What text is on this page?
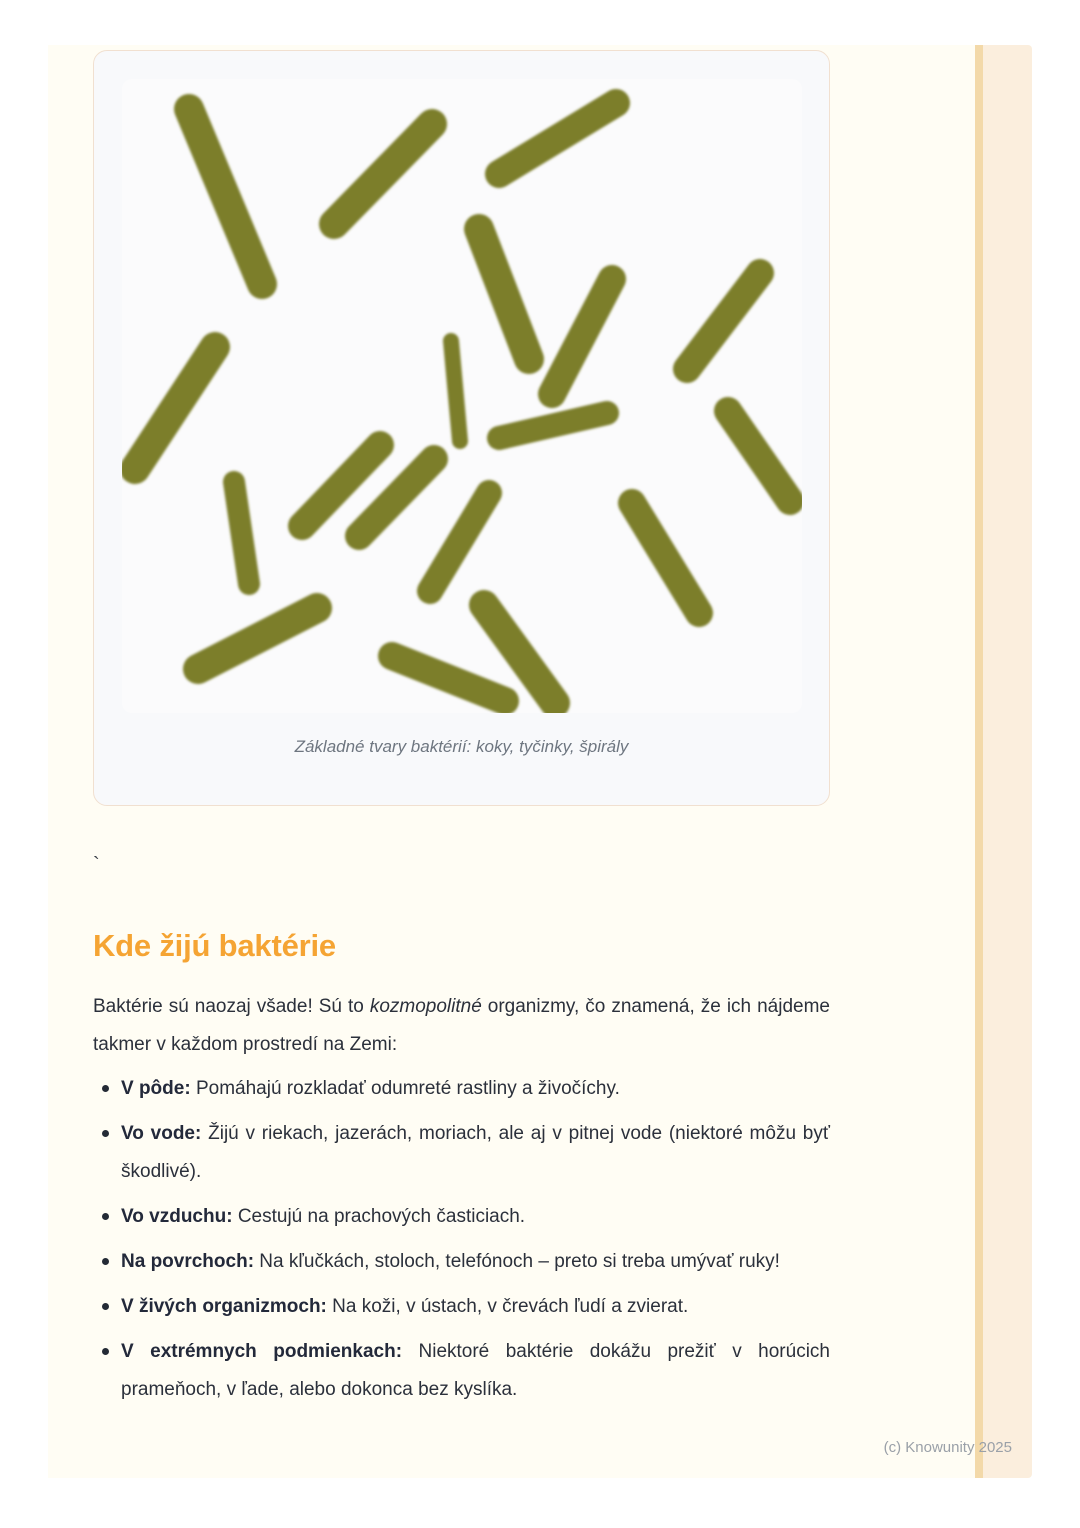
Základné tvary baktérií: koky, tyčinky, špirály
`
Kde žijú baktérie

Baktérie sú naozaj všade! Sú to kozmopolitné organizmy, čo znamená, že ich nájdeme takmer v každom prostredí na Zemi:

V pôde: Pomáhajú rozkladať odumreté rastliny a živočíchy.
Vo vode: Žijú v riekach, jazerách, moriach, ale aj v pitnej vode (niektoré môžu byť škodlivé).
Vo vzduchu: Cestujú na prachových časticiach.
Na povrchoch: Na kľučkách, stoloch, telefónoch – preto si treba umývať ruky!
V živých organizmoch: Na koži, v ústach, v črevách ľudí a zvierat.
V extrémnych podmienkach: Niektoré baktérie dokážu prežiť v horúcich prameňoch, v ľade, alebo dokonca bez kyslíka.
(c) Knowunity 2025
